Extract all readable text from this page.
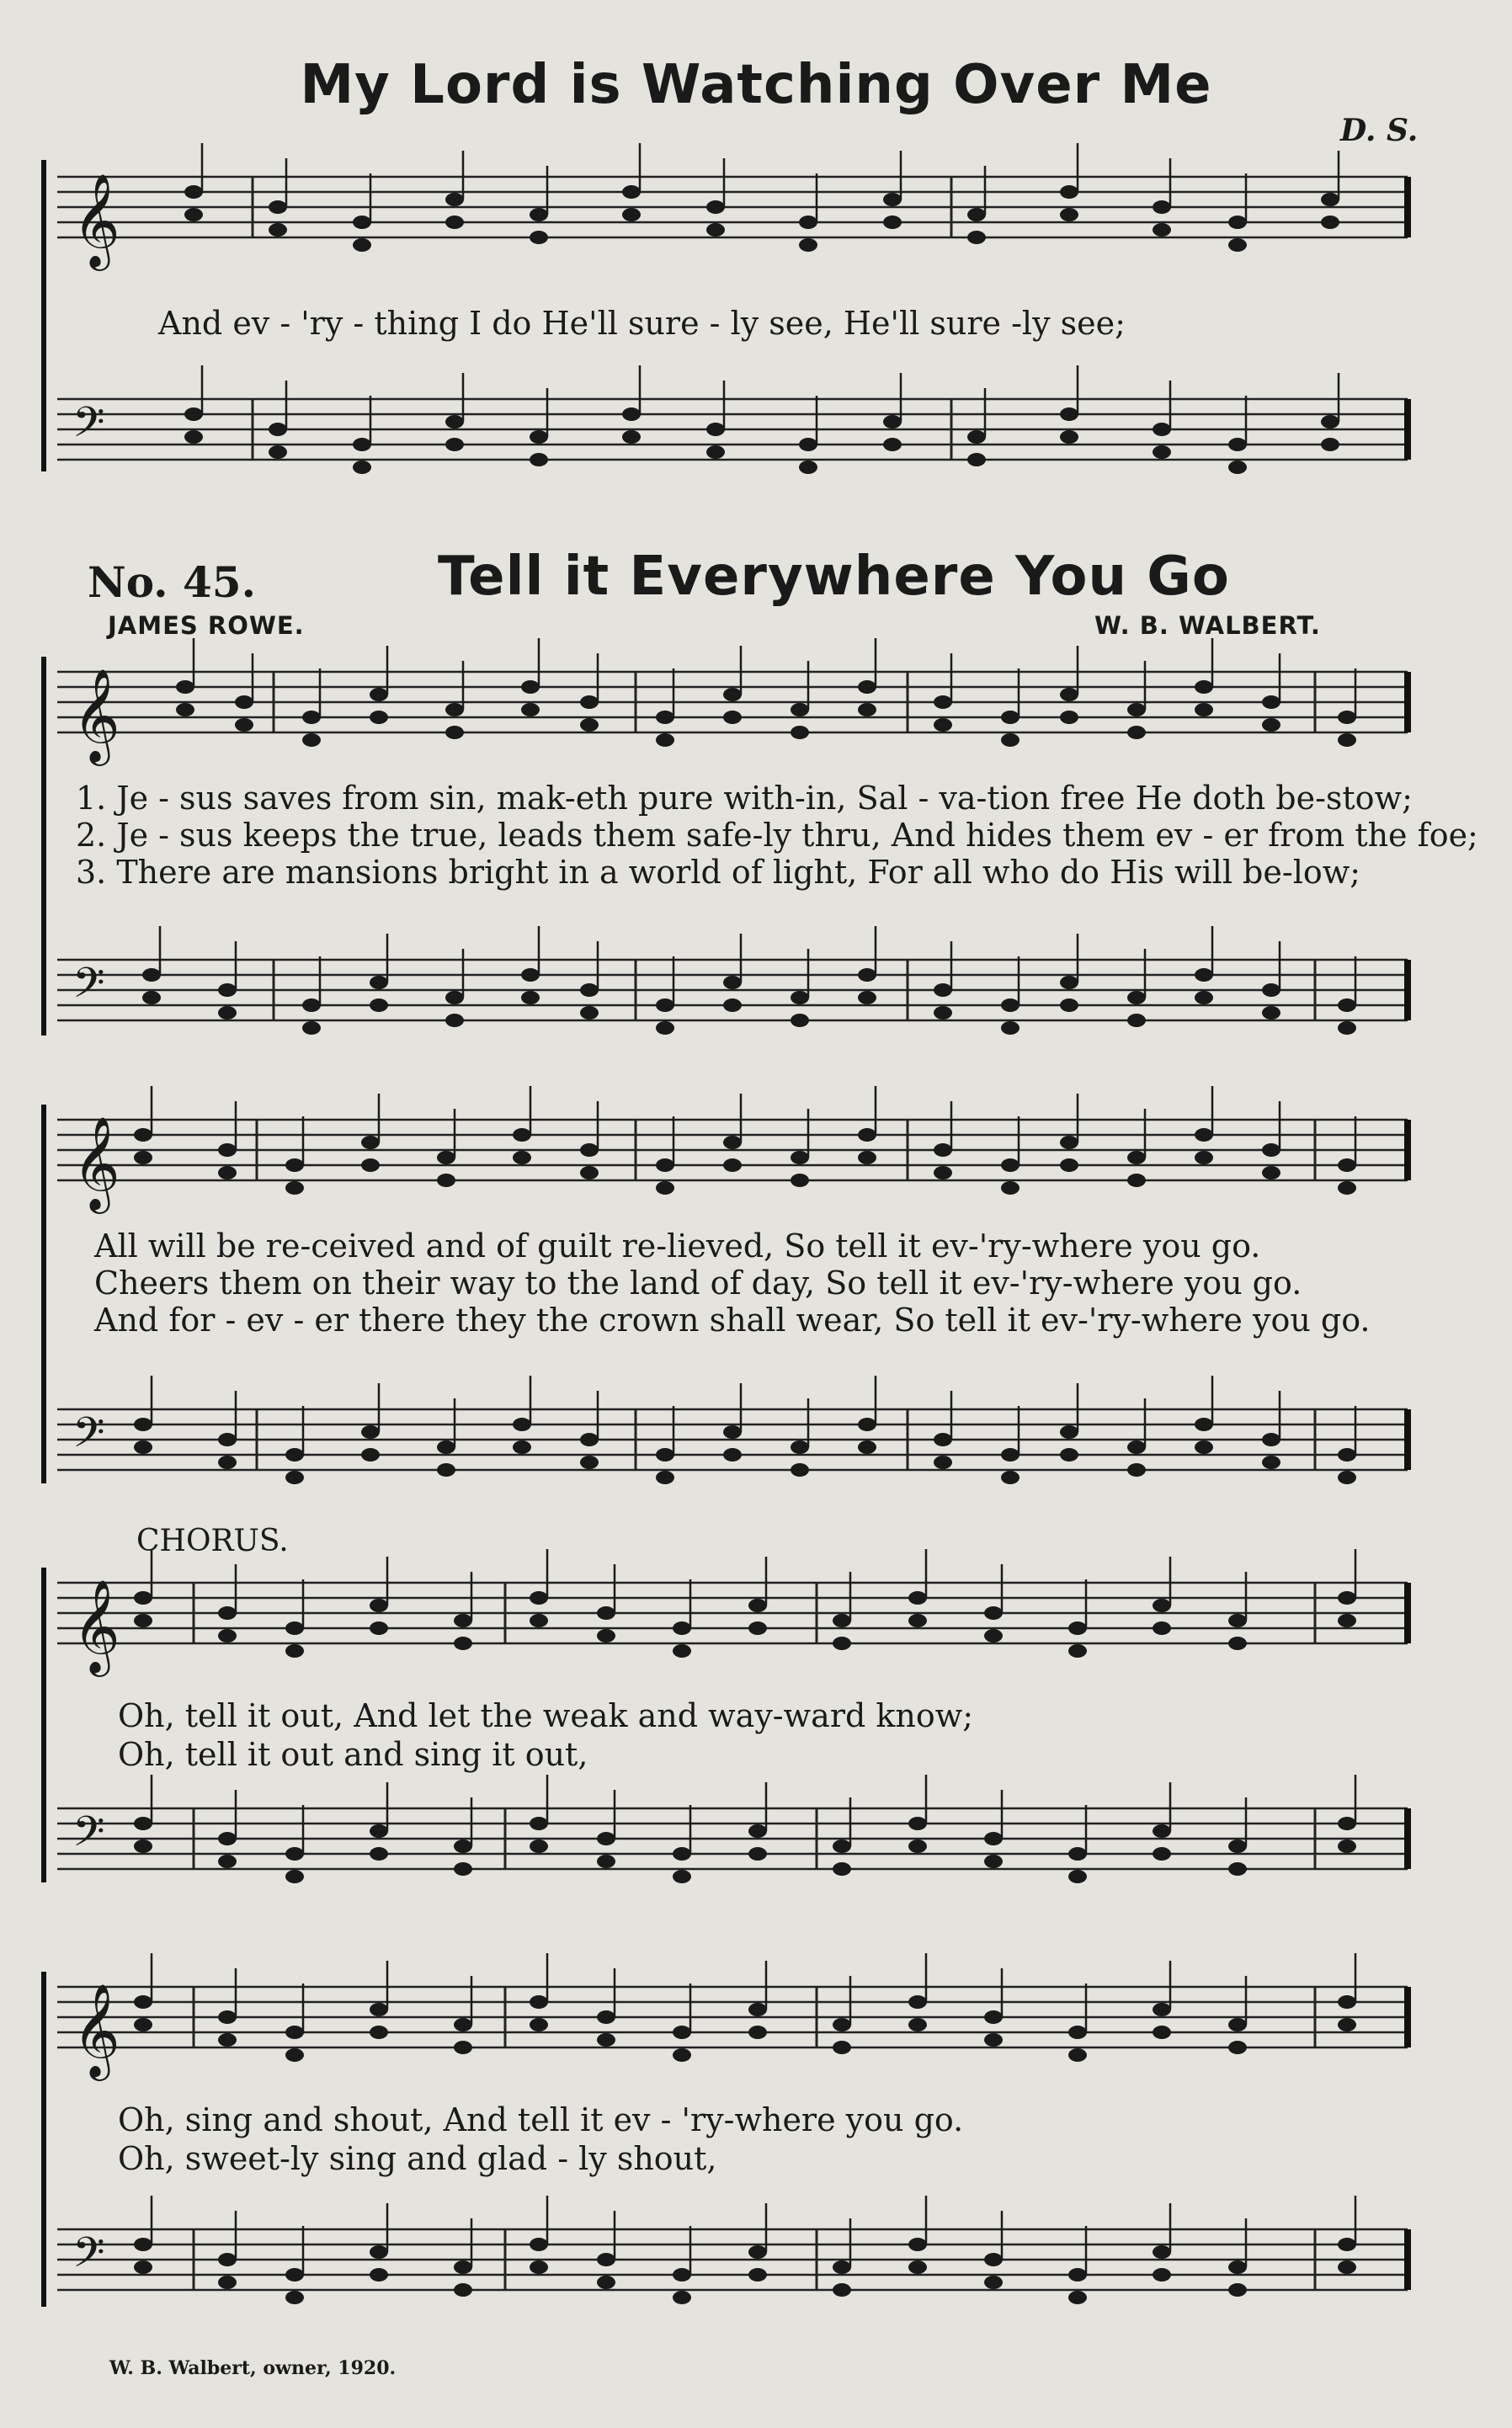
My Lord is Watching Over Me
D. S.
And ev - 'ry - thing I do He'll sure - ly see, He'll sure -ly see;
No. 45.	Tell it Everywhere You Go
JAMES ROWE.	W. B. WALBERT.
1. Je - sus saves from sin, mak-eth pure with-in, Sal - va-tion free He doth be-stow;
2. Je - sus keeps the true, leads them safe-ly thru, And hides them ev - er from the foe;
3. There are mansions bright in a world of light, For all who do His will be-low;
All will be re-ceived and of guilt re-lieved, So tell it ev-'ry-where you go.
Cheers them on their way to the land of day, So tell it ev-'ry-where you go.
And for - ev - er there they the crown shall wear, So tell it ev-'ry-where you go.
CHORUS.
Oh, tell it out, And let the weak and way-ward know;
Oh, tell it out and sing it out,
Oh, sing and shout, And tell it ev - 'ry-where you go.
Oh, sweet-ly sing and glad - ly shout,
W. B. Walbert, owner, 1920.
𝄞
𝄢
𝄞
𝄢
𝄞
𝄢
𝄞
𝄢
𝄞
𝄢
